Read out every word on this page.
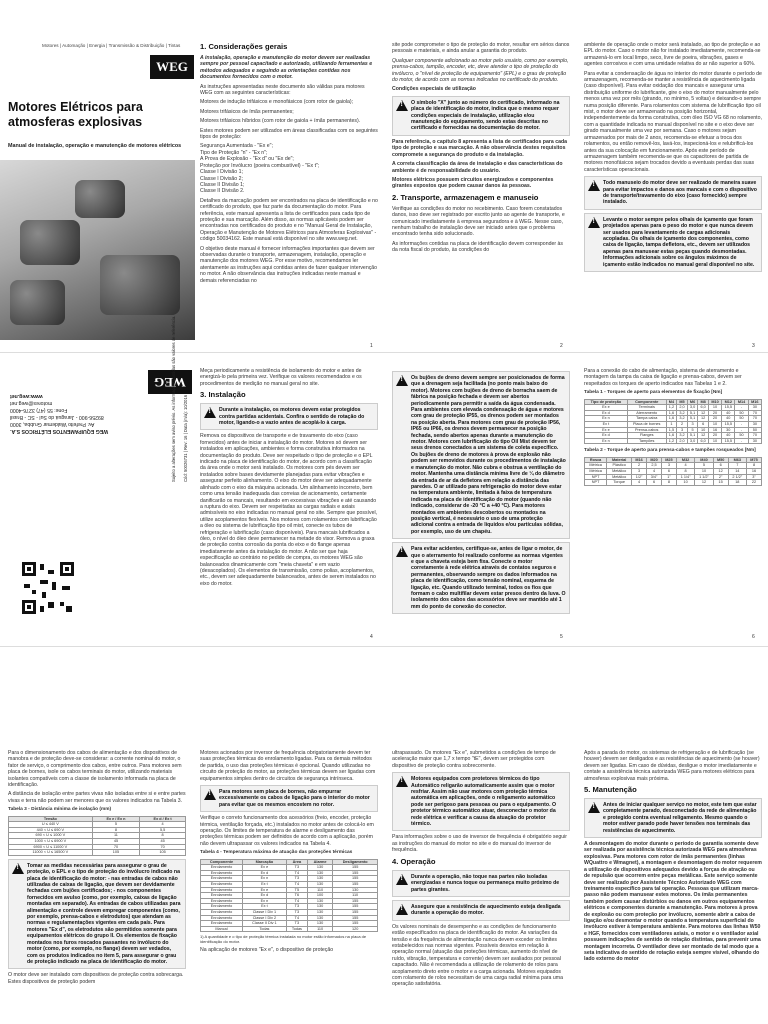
Motores | Automação | Energia | Transmissão & Distribuição | Tintas
WEG
Motores Elétricos para atmosferas explosivas
Manual de instalação, operação e manutenção de motores elétricos
1. Considerações gerais

A instalação, operação e manutenção do motor devem ser realizadas sempre por pessoal capacitado e autorizado, utilizando ferramentas e métodos adequados e seguindo as orientações contidas nos documentos fornecidos com o motor.

As instruções apresentadas neste documento são válidas para motores WEG com as seguintes características:

Motores de indução trifásicos e monofásicos (com rotor de gaiola);

Motores trifásicos de ímãs permanentes;

Motores trifásicos híbridos (com rotor de gaiola + ímãs permanentes).

Estes motores podem ser utilizados em áreas classificadas com os seguintes tipos de proteção:

Segurança Aumentada - "Ex e";
Tipo de Proteção "n" - "Ex n";
A Prova de Explosão - "Ex d" ou "Ex de";
Proteção por Invólucro (poeira combustível) - "Ex t";
Classe I Divisão 1;
Classe I Divisão 2;
Classe II Divisão 1;
Classe II Divisão 2.

Detalhes da marcação podem ser encontrados na placa de identificação e no certificado do produto, que faz parte da documentação do motor. Para referência, este manual apresenta a lista de certificados para cada tipo de proteção e sua marcação. Além disso, as normas aplicáveis podem ser encontradas nos certificados do produto e no "Manual Geral de Instalação, Operação e Manutenção de Motores Elétricos para Atmosferas Explosivas" - código 50034162. Este manual está disponível no site www.weg.net.

O objetivo deste manual é fornecer informações importantes que devem ser observadas durante o transporte, armazenagem, instalação, operação e manutenção dos motores WEG. Por esse motivo, recomendamos ler atentamente as instruções aqui contidas antes de fazer qualquer intervenção no motor. A não observância das instruções indicadas neste manual e demais referenciadas no

1

site pode comprometer o tipo de proteção do motor, resultar em sérios danos pessoais e materiais, e ainda anular a garantia do produto.

Qualquer componente adicionado ao motor pelo usuário, como por exemplo, prensa-cabos, tampão, encoder, etc, deve atender o tipo de proteção do invólucro, o "nível de proteção de equipamento" (EPL) e o grau de proteção do motor, de acordo com as normas indicadas no certificado do produto.

Condições especiais de utilização

!
O símbolo "X" junto ao número do certificado, informado na placa de identificação do motor, indica que o mesmo requer condições especiais de instalação, utilização e/ou manutenção do equipamento, sendo estas descritas no certificado e fornecidas na documentação do motor.

Para referência, o capítulo 8 apresenta a lista de certificados para cada tipo de proteção e sua marcação. A não observância destes requisitos compromete a segurança do produto e da instalação.

A correta classificação da área de instalação e das características do ambiente é de responsabilidade do usuário.

Motores elétricos possuem circuitos energizados e componentes girantes expostos que podem causar danos às pessoas.

2. Transporte, armazenagem e manuseio

Verifique as condições do motor no recebimento. Caso forem constatados danos, isso deve ser registrado por escrito junto ao agente de transporte, e comunicado imediatamente à empresa seguradora e à WEG. Nesse caso, nenhum trabalho de instalação deve ser iniciado antes que o problema encontrado tenha sido solucionado.

As informações contidas na placa de identificação devem corresponder às da nota fiscal do produto, às condições do

2

ambiente de operação onde o motor será instalado, ao tipo de proteção e ao EPL do motor. Caso o motor não for instalado imediatamente, recomenda-se armazená-lo em local limpo, seco, livre de poeira, vibrações, gases e agentes corrosivos e com uma umidade relativa do ar não superior a 60%.

Para evitar a condensação de água no interior do motor durante o período de armazenagem, recomenda-se manter a resistência de aquecimento ligada (caso disponível). Para evitar oxidação dos mancais e assegurar uma distribuição uniforme do lubrificante, gire o eixo do motor manualmente pelo menos uma vez por mês (girando, no mínimo, 5 voltas) e deixando-o sempre numa posição diferente. Para rolamentos com sistema de lubrificação tipo oil mist, o motor deve ser armazenado na posição horizontal, independentemente da forma construtiva, com óleo ISO VG 68 no rolamento, com a quantidade indicada no manual disponível no site e o eixo deve ser girado manualmente uma vez por semana. Caso o motores sejam armazenados por mais de 2 anos, recomenda-se efetuar a troca dos rolamentos, ou então removê-los, lavá-los, inspecioná-los e relubrificá-los antes da sua colocação em funcionamento. Após este período de armazenagem também recomenda-se que os capacitores de partida de motores monofásicos sejam trocados devido a eventuais perdas das suas características operacionais.

!
Todo manuseio do motor deve ser realizado de maneira suave para evitar impactos e danos aos mancais e com o dispositivo de transporte/travamento do eixo (caso fornecido) sempre instalado.
!
Levante o motor sempre pelos olhais de içamento que foram projetados apenas para o peso do motor e que nunca devem ser usados para levantamento de cargas adicionais acopladas. Os olhais de içamento dos componentes, como caixa de ligação, tampa defletora, etc., devem ser utilizados apenas para manusear estas peças quando desmontadas. Informações adicionais sobre os ângulos máximos de içamento estão indicados no manual geral disponível no site.
3
WEG
WEG EQUIPAMENTOS ELÉTRICOS S.A.
Av. Prefeito Waldemar Grubba, 3000
89256-900 - Jaraguá do Sul - SC - Brasil
Fone: 55 (47) 3276-4000
motores@weg.net
www.weg.net	Cód: 50026731 | Rev: 16 | Data (m/a): 10/2016
Sujeito a alterações sem aviso prévio. As informações contidas são valores de referência.	Meça periodicamente a resistência de isolamento do motor e antes de energizá-lo pela primeira vez. Verifique os valores recomendados e os procedimentos de medição no manual geral no site.

3. Instalação
!
Durante a instalação, os motores devem estar protegidos contra partidas acidentais. Confira o sentido de rotação do motor, ligando-o a vazio antes de acoplá-lo à carga.

Remova os dispositivos de transporte e de travamento do eixo (caso fornecidos) antes de iniciar a instalação do motor. Motores só devem ser instalados em aplicações, ambientes e forma construtiva informados na documentação do produto. Deve ser respeitado o tipo de proteção e o EPL indicado na placa de identificação do motor, de acordo com a classificação da área onde o motor será instalado. Os motores com pés devem ser instalados sobre bases devidamente planejadas para evitar vibrações e assegurar perfeito alinhamento. O eixo do motor deve ser adequadamente alinhado com o eixo da máquina acionada. Um alinhamento incorreto, bem como uma tensão inadequada das correias de acionamento, certamente danificarão os mancais, resultando em excessivas vibrações e até causando a ruptura do eixo. Devem ser respeitadas as cargas radiais e axiais admissíveis no eixo indicadas no manual geral no site. Sempre que possível, utilize acoplamentos flexíveis. Nos motores com rolamentos com lubrificação a óleo ou sistema de lubrificação tipo oil mist, conecte os tubos de refrigeração e lubrificação (caso disponíveis). Para mancais lubrificados a óleo, o nível do óleo deve permanecer na metade do visor. Remova a graxa de proteção contra corrosão da ponta do eixo e do flange apenas imediatamente antes da instalação do motor. A não ser que haja especificação ao contrário no pedido de compra, os motores WEG são balanceados dinamicamente com "meia chaveta" e em vazio (desacoplados). Os elementos de transmissão, como polias, acoplamentos, etc., devem ser adequadamente balanceados, antes de serem instalados no eixo do motor.

4
!
Os bujões de dreno devem sempre ser posicionados de forma que a drenagem seja facilitada (no ponto mais baixo do motor). Motores com bujões de dreno de borracha saem de fábrica na posição fechada e devem ser abertos periodicamente para permitir a saída da água condensada. Para ambientes com elevada condensação de água e motores com grau de proteção IP55, os drenos podem ser montados na posição aberta. Para motores com grau de proteção IP56, IP65 ou IP66, os drenos devem permanecer na posição fechada, sendo abertos apenas durante a manutenção do motor. Motores com lubrificação do tipo Oil Mist devem ter seus drenos conectados a um sistema de coleta específico. Os bujões de dreno de motores à prova de explosão não podem ser removidos durante os procedimentos de instalação e manutenção do motor. Não cubra e obstrua a ventilação do motor. Mantenha uma distância mínima livre de ¼ do diâmetro da entrada de ar da defletora em relação a distância das paredes. O ar utilizado para refrigeração do motor deve estar na temperatura ambiente, limitada à faixa de temperatura indicada na placa de identificação do motor (quando não indicado, considerar de -20 °C a +40 °C). Para motores montados em ambientes descobertos ou montados na posição vertical, é necessário o uso de uma proteção adicional contra a entrada de líquidos e/ou partículas sólidas, por exemplo, uso de um chapéu.
!
Para evitar acidentes, certifique-se, antes de ligar o motor, de que o aterramento foi realizado conforme as normas vigentes e que a chaveta esteja bem fixa. Conecte o motor corretamente à rede elétrica através de contatos seguros e permanentes, observando sempre os dados informados na placa de identificação, como tensão nominal, esquema de ligação, etc. Quando utilizado terminal, todos os fios que formam o cabo multifilar devem estar presos dentro da luva. O isolamento dos cabos das acessórios deve ser mantido até 1 mm do ponto de conexão do conector.
5

Para a conexão do cabo de alimentação, sistema de aterramento e montagem da tampa da caixa de ligação e prensa-cabos, devem ser respeitados os torques de aperto indicados nas Tabelas 1 e 2.

Tabela 1 - Torques de aperto para elementos de fixação [Nm]
Tipo de proteção	Componente	M4	M5	M6	M8	M10	M12	M14	M16
Ex e	Terminais	1,2	2,0	3,0	6,0	10	15,5	-	30
Ex d	Aterramento	1,6	3,2	5,1	12	20	40	50	70
Ex n	Tampa caixa	1,6	3,2	5,1	12	20	40	50	70
Ex t	Placa de bornes	1	2	3	6	10	15,5	-	30
Ex e	Prensa-cabos	1,5	3	5	10	16	30	-	50
Ex d	Flanges	1,6	3,2	5,1	12	20	40	50	70
Ex n	Tampões	1,2	2,0	3,0	6,0	10	15,5	-	30
Tabela 2 - Torque de aperto para prensa-cabos e tampões rosqueados [Nm]
Rosca	Material	M16	M20	M25	M32	M40	M50	M63	M75
Métrica	Plástico	2	2,5	3	4	5	6	7	8
Métrica	Metálico	3	4	6	8	10	12	14	16
NPT	Metálico	1/2"	3/4"	1"	1 1/4"	1 1/2"	2"	2 1/2"	3"
NPT	Torque	4	6	8	10	12	15	18	22
6

Para o dimensionamento dos cabos de alimentação e dos dispositivos de manobra e de proteção deve-se considerar: a corrente nominal do motor, o fator de serviço, o comprimento dos cabos, entre outros. Para motores sem placa de bornes, isole os cabos terminais do motor, utilizando materiais isolantes compatíveis com a classe de isolamento informada na placa de identificação.

A distância de isolação entre partes vivas não isoladas entre si e entre partes vivas e terra não podem ser menores que os valores indicados na Tabela 3.

Tabela 3 - Distância mínima de isolação (mm)
Tensão	Ex e / Ex n	Ex d / Ex t
U ≤ 440 V	5	4
440 < U ≤ 690 V	8	5,5
690 < U ≤ 1000 V	11	8
1000 < U ≤ 6900 V	45	45
6900 < U ≤ 11000 V	70	70
11000 < U ≤ 16500 V	105	105
!
Tomar as medidas necessárias para assegurar o grau de proteção, o EPL e o tipo de proteção do invólucro indicado na placa de identificação do motor: - nas entradas de cabos não utilizadas de caixas de ligação, que devem ser devidamente fechadas com bujões certificados; - nos componentes fornecidos em avulso (como, por exemplo, caixas de ligação montadas em separado). As entradas de cabos utilizadas para alimentação e controle devem empregar componentes (como, por exemplo, prensa-cabos e eletrodutos) que atendam as normas e regulamentações vigentes em cada país. Para motores "Ex d", os eletrodutos são permitidos somente para equipamentos elétricos do grupo II. Os elementos de fixação montados nos furos roscados passantes no invólucro do motor (como, por exemplo, no flange) devem ser vedados, com os produtos indicados no item 5, para assegurar o grau de proteção indicado na placa de identificação do motor.

O motor deve ser instalado com dispositivos de proteção contra sobrecarga. Estes dispositivos de proteção podem

Motores acionados por inversor de frequência obrigatoriamente devem ter suas proteções térmicas do enrolamento ligadas. Para os demais métodos de partida, o uso das proteções térmicas é opcional. Quando utilizadas no circuito de proteção do motor, as proteções térmicas devem ser ligadas com equipamentos simples dentro de circuitos de segurança intrínseca.

!
Para motores sem placa de bornes, não empurrar excessivamente os cabos de ligação para o interior do motor para evitar que os mesmos encostem no rotor.

Verifique o correto funcionamento dos acessórios (freio, encoder, proteção térmica, ventilação forçada, etc.) instalados no motor antes de colocá-lo em operação. Os limites de temperatura de alarme e desligamento das proteções térmicas podem ser definidos de acordo com a aplicação, porém não devem ultrapassar os valores indicados na Tabela 4.

Tabela 4 - Temperatura máxima de atuação das proteções térmicas
Componente	Marcação	Área	Alarme	Desligamento
Enrolamento	Ex e	T3	130	155
Enrolamento	Ex d	T4	130	155
Enrolamento	Ex n	T3	130	155
Enrolamento	Ex t	T4	130	155
Enrolamento	Ex e	T5	110	130
Enrolamento	Ex d	T6	100	110
Enrolamento	Ex n	T4	130	155
Enrolamento	Ex t	T3	130	155
Enrolamento	Classe I Div 1	T3	130	155
Enrolamento	Classe I Div 2	T4	130	155
Enrolamento	Classe II Div 1	T3	130	155
Mancal	Todas	Todas	110	120

1) A quantidade e o tipo de proteção térmica instalada no motor estão informados na placa de identificação do motor.

Na aplicação de motores "Ex e", o dispositivo de proteção

ultrapassado. Os motores "Ex e", submetidos a condições de tempo de aceleração maior que 1,7 x tempo "tE", devem ser protegidos com dispositivo de proteção contra sobrecorrente.

!
Motores equipados com protetores térmicos do tipo Automático religarão automaticamente assim que o motor resfriar. Assim não usar motores com proteção térmica automática em aplicações, onde o religamento automático pode ser perigoso para pessoas ou para o equipamento. O protetor térmico automático atuar, desconectar o motor da rede elétrica e verificar a causa da atuação do protetor térmico.

Para informações sobre o uso de inversor de frequência é obrigatório seguir as instruções do manual do motor no site e do manual do inversor de frequência.

4. Operação
!
Durante a operação, não toque nas partes não isoladas energizadas e nunca toque ou permaneça muito próximo de partes girantes.
!
Assegure que a resistência de aquecimento esteja desligada durante a operação do motor.

Os valores nominais de desempenho e as condições de funcionamento estão especificados na placa de identificação do motor. As variações da tensão e da frequência de alimentação nunca devem exceder os limites estabelecidos nas normas vigentes. Possíveis desvios em relação à operação normal (atuação das proteções térmicas, aumento do nível de ruído, vibração, temperatura e corrente) devem ser avaliados por pessoal capacitado. Não é recomendada a utilização de rolamento de rolos para acoplamento direto entre o motor e a carga acionada. Motores equipados com rolamento de rolos necessitam de uma carga radial mínima para uma operação satisfatória.

Após a parada do motor, os sistemas de refrigeração e de lubrificação (se houver) devem ser desligados e as resistências de aquecimento (se houver) devem ser ligadas. Em caso de dúvidas, desligue o motor imediatamente e contate a assistência técnica autorizada WEG para motores elétricos para atmosferas explosivas mais próxima.

5. Manutenção
!
Antes de iniciar qualquer serviço no motor, este tem que estar completamente parado, desconectado da rede de alimentação e protegido contra eventual religamento. Mesmo quando o motor estiver parado pode haver tensões nos terminais das resistências de aquecimento.

A desmontagem do motor durante o período de garantia somente deve ser realizada por assistência técnica autorizada WEG para atmosferas explosivas. Para motores com rotor de ímãs permanentes (linhas WQuattro e Wmagnet), a montagem e desmontagem do motor requerem a utilização de dispositivos adequados devido a forças de atração ou de repulsão que ocorrem entre peças metálicas. Este serviço somente deve ser realizado por Assistente Técnico Autorizado WEG com treinamento específico para tal operação. Pessoas que utilizam marca-passo não podem manusear estes motores. Os ímãs permanentes também podem causar distúrbios ou danos em outros equipamentos elétricos e componentes durante a manutenção. Para motores à prova de explosão ou com proteção por invólucro, somente abrir a caixa de ligação e/ou desmontar o motor quando a temperatura superficial do invólucro estiver à temperatura ambiente. Para motores das linhas W50 e HGF, fornecidos com ventiladores axiais, o motor e o ventilador axial possuem indicações de sentido de rotação distintas, para prevenir uma montagem incorreta. O ventilador deve ser montado de tal modo que a seta indicativa do sentido de rotação esteja sempre visível, olhando do lado externo do motor
